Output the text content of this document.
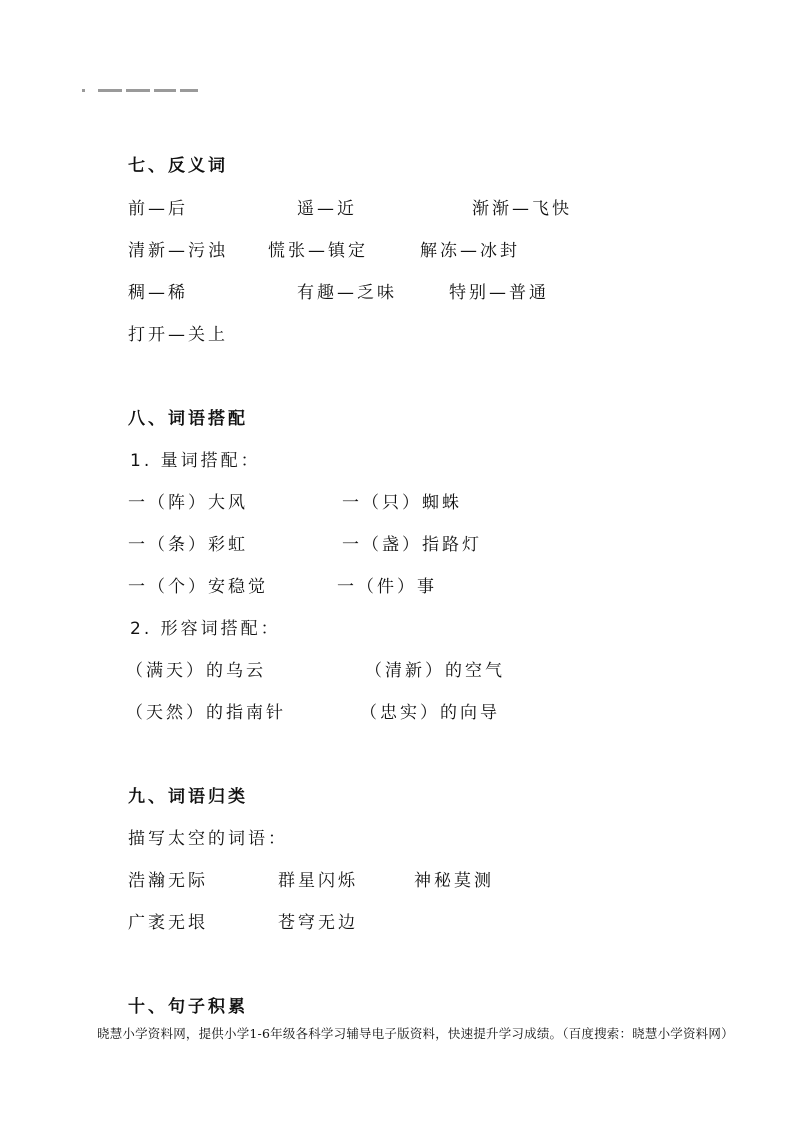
七、反义词
前—后	遥—近	渐渐—飞快
清新—污浊 慌张—镇定	解冻—冰封
稠—稀	有趣—乏味	特别—普通
打开—关上
八、词语搭配
1. 量词搭配：
一（阵）大风	一（只）蜘蛛
一（条）彩虹	一（盏）指路灯
一（个）安稳觉	一（件）事
2. 形容词搭配：
（满天）的乌云	（清新）的空气
（天然）的指南针	（忠实）的向导
九、词语归类
描写太空的词语：
浩瀚无际	群星闪烁	神秘莫测
广袤无垠	苍穹无边
十、句子积累
晓慧小学资料网，提供小学1-6年级各科学习辅导电子版资料，快速提升学习成绩。（百度搜索：晓慧小学资料网）
